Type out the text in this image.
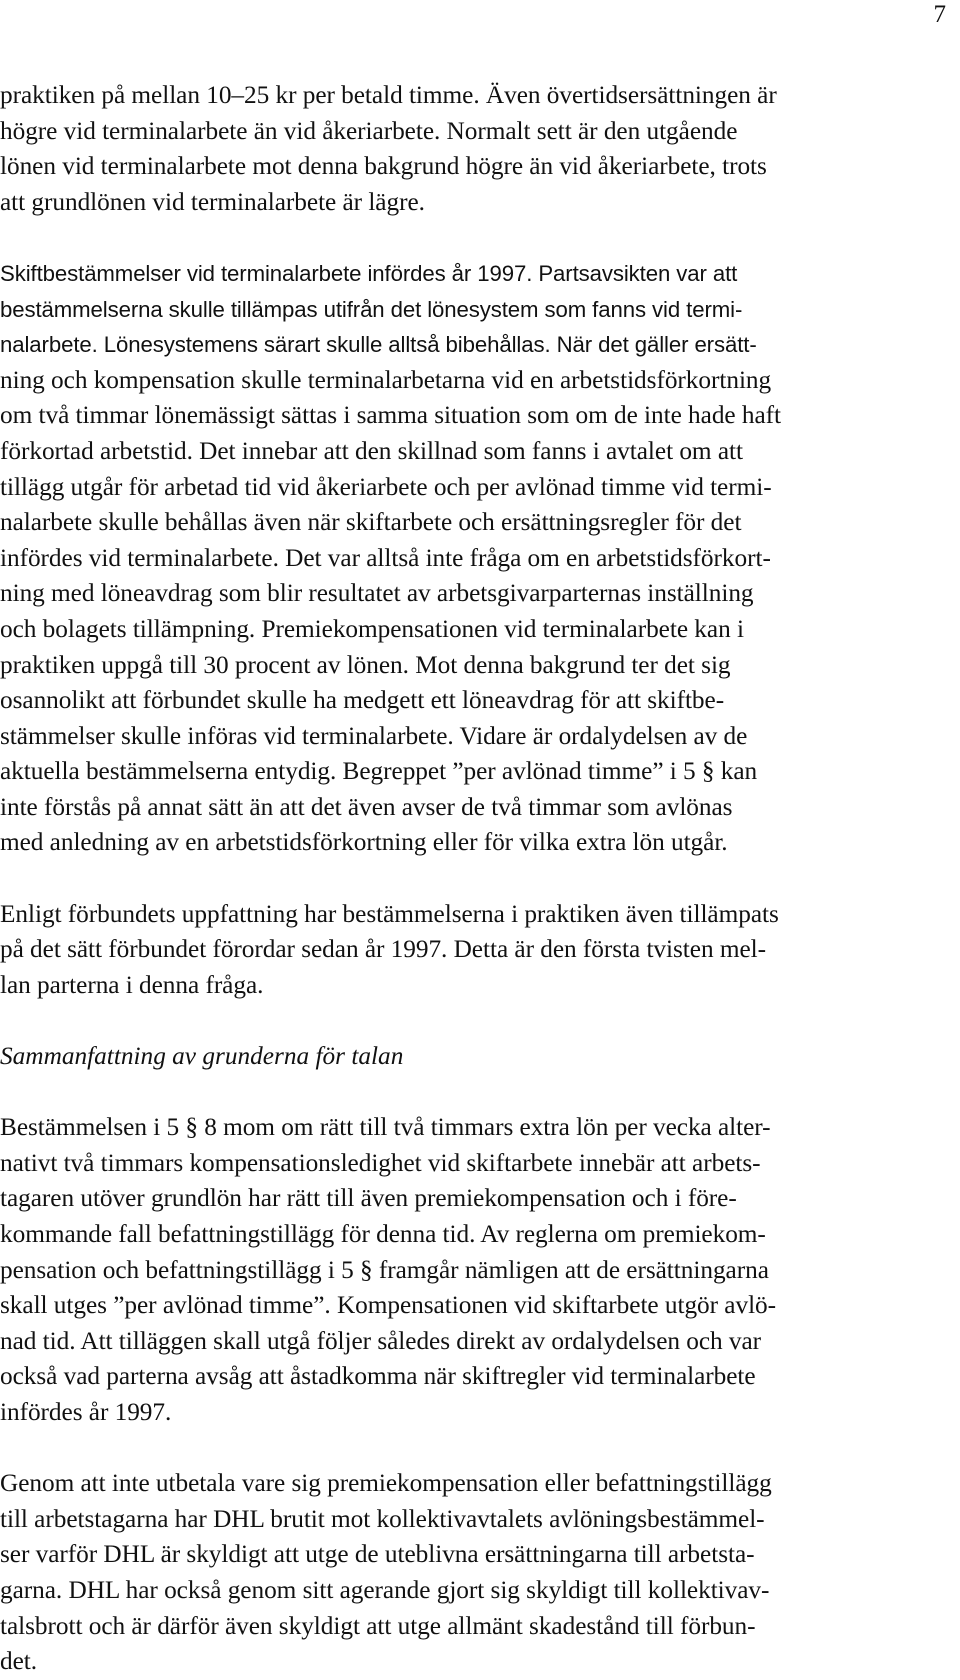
7
praktiken på mellan 10–25 kr per betald timme. Även övertidsersättningen är
högre vid terminalarbete än vid åkeriarbete. Normalt sett är den utgående
lönen vid terminalarbete mot denna bakgrund högre än vid åkeriarbete, trots
att grundlönen vid terminalarbete är lägre.
Skiftbestämmelser vid terminalarbete infördes år 1997. Partsavsikten var att
bestämmelserna skulle tillämpas utifrån det lönesystem som fanns vid termi-
nalarbete. Lönesystemens särart skulle alltså bibehållas. När det gäller ersätt-
ning och kompensation skulle terminalarbetarna vid en arbetstidsförkortning
om två timmar lönemässigt sättas i samma situation som om de inte hade haft
förkortad arbetstid. Det innebar att den skillnad som fanns i avtalet om att
tillägg utgår för arbetad tid vid åkeriarbete och per avlönad timme vid termi-
nalarbete skulle behållas även när skiftarbete och ersättningsregler för det
infördes vid terminalarbete. Det var alltså inte fråga om en arbetstidsförkort-
ning med löneavdrag som blir resultatet av arbetsgivarparternas inställning
och bolagets tillämpning. Premiekompensationen vid terminalarbete kan i
praktiken uppgå till 30 procent av lönen. Mot denna bakgrund ter det sig
osannolikt att förbundet skulle ha medgett ett löneavdrag för att skiftbe-
stämmelser skulle införas vid terminalarbete. Vidare är ordalydelsen av de
aktuella bestämmelserna entydig. Begreppet ”per avlönad timme” i 5 § kan
inte förstås på annat sätt än att det även avser de två timmar som avlönas
med anledning av en arbetstidsförkortning eller för vilka extra lön utgår.
Enligt förbundets uppfattning har bestämmelserna i praktiken även tillämpats
på det sätt förbundet förordar sedan år 1997. Detta är den första tvisten mel-
lan parterna i denna fråga.
Sammanfattning av grunderna för talan
Bestämmelsen i 5 § 8 mom om rätt till två timmars extra lön per vecka alter-
nativt två timmars kompensationsledighet vid skiftarbete innebär att arbets-
tagaren utöver grundlön har rätt till även premiekompensation och i före-
kommande fall befattningstillägg för denna tid. Av reglerna om premiekom-
pensation och befattningstillägg i 5 § framgår nämligen att de ersättningarna
skall utges ”per avlönad timme”. Kompensationen vid skiftarbete utgör avlö-
nad tid. Att tilläggen skall utgå följer således direkt av ordalydelsen och var
också vad parterna avsåg att åstadkomma när skiftregler vid terminalarbete
infördes år 1997.
Genom att inte utbetala vare sig premiekompensation eller befattningstillägg
till arbetstagarna har DHL brutit mot kollektivavtalets avlöningsbestämmel-
ser varför DHL är skyldigt att utge de uteblivna ersättningarna till arbetsta-
garna. DHL har också genom sitt agerande gjort sig skyldigt till kollektivav-
talsbrott och är därför även skyldigt att utge allmänt skadestånd till förbun-
det.
